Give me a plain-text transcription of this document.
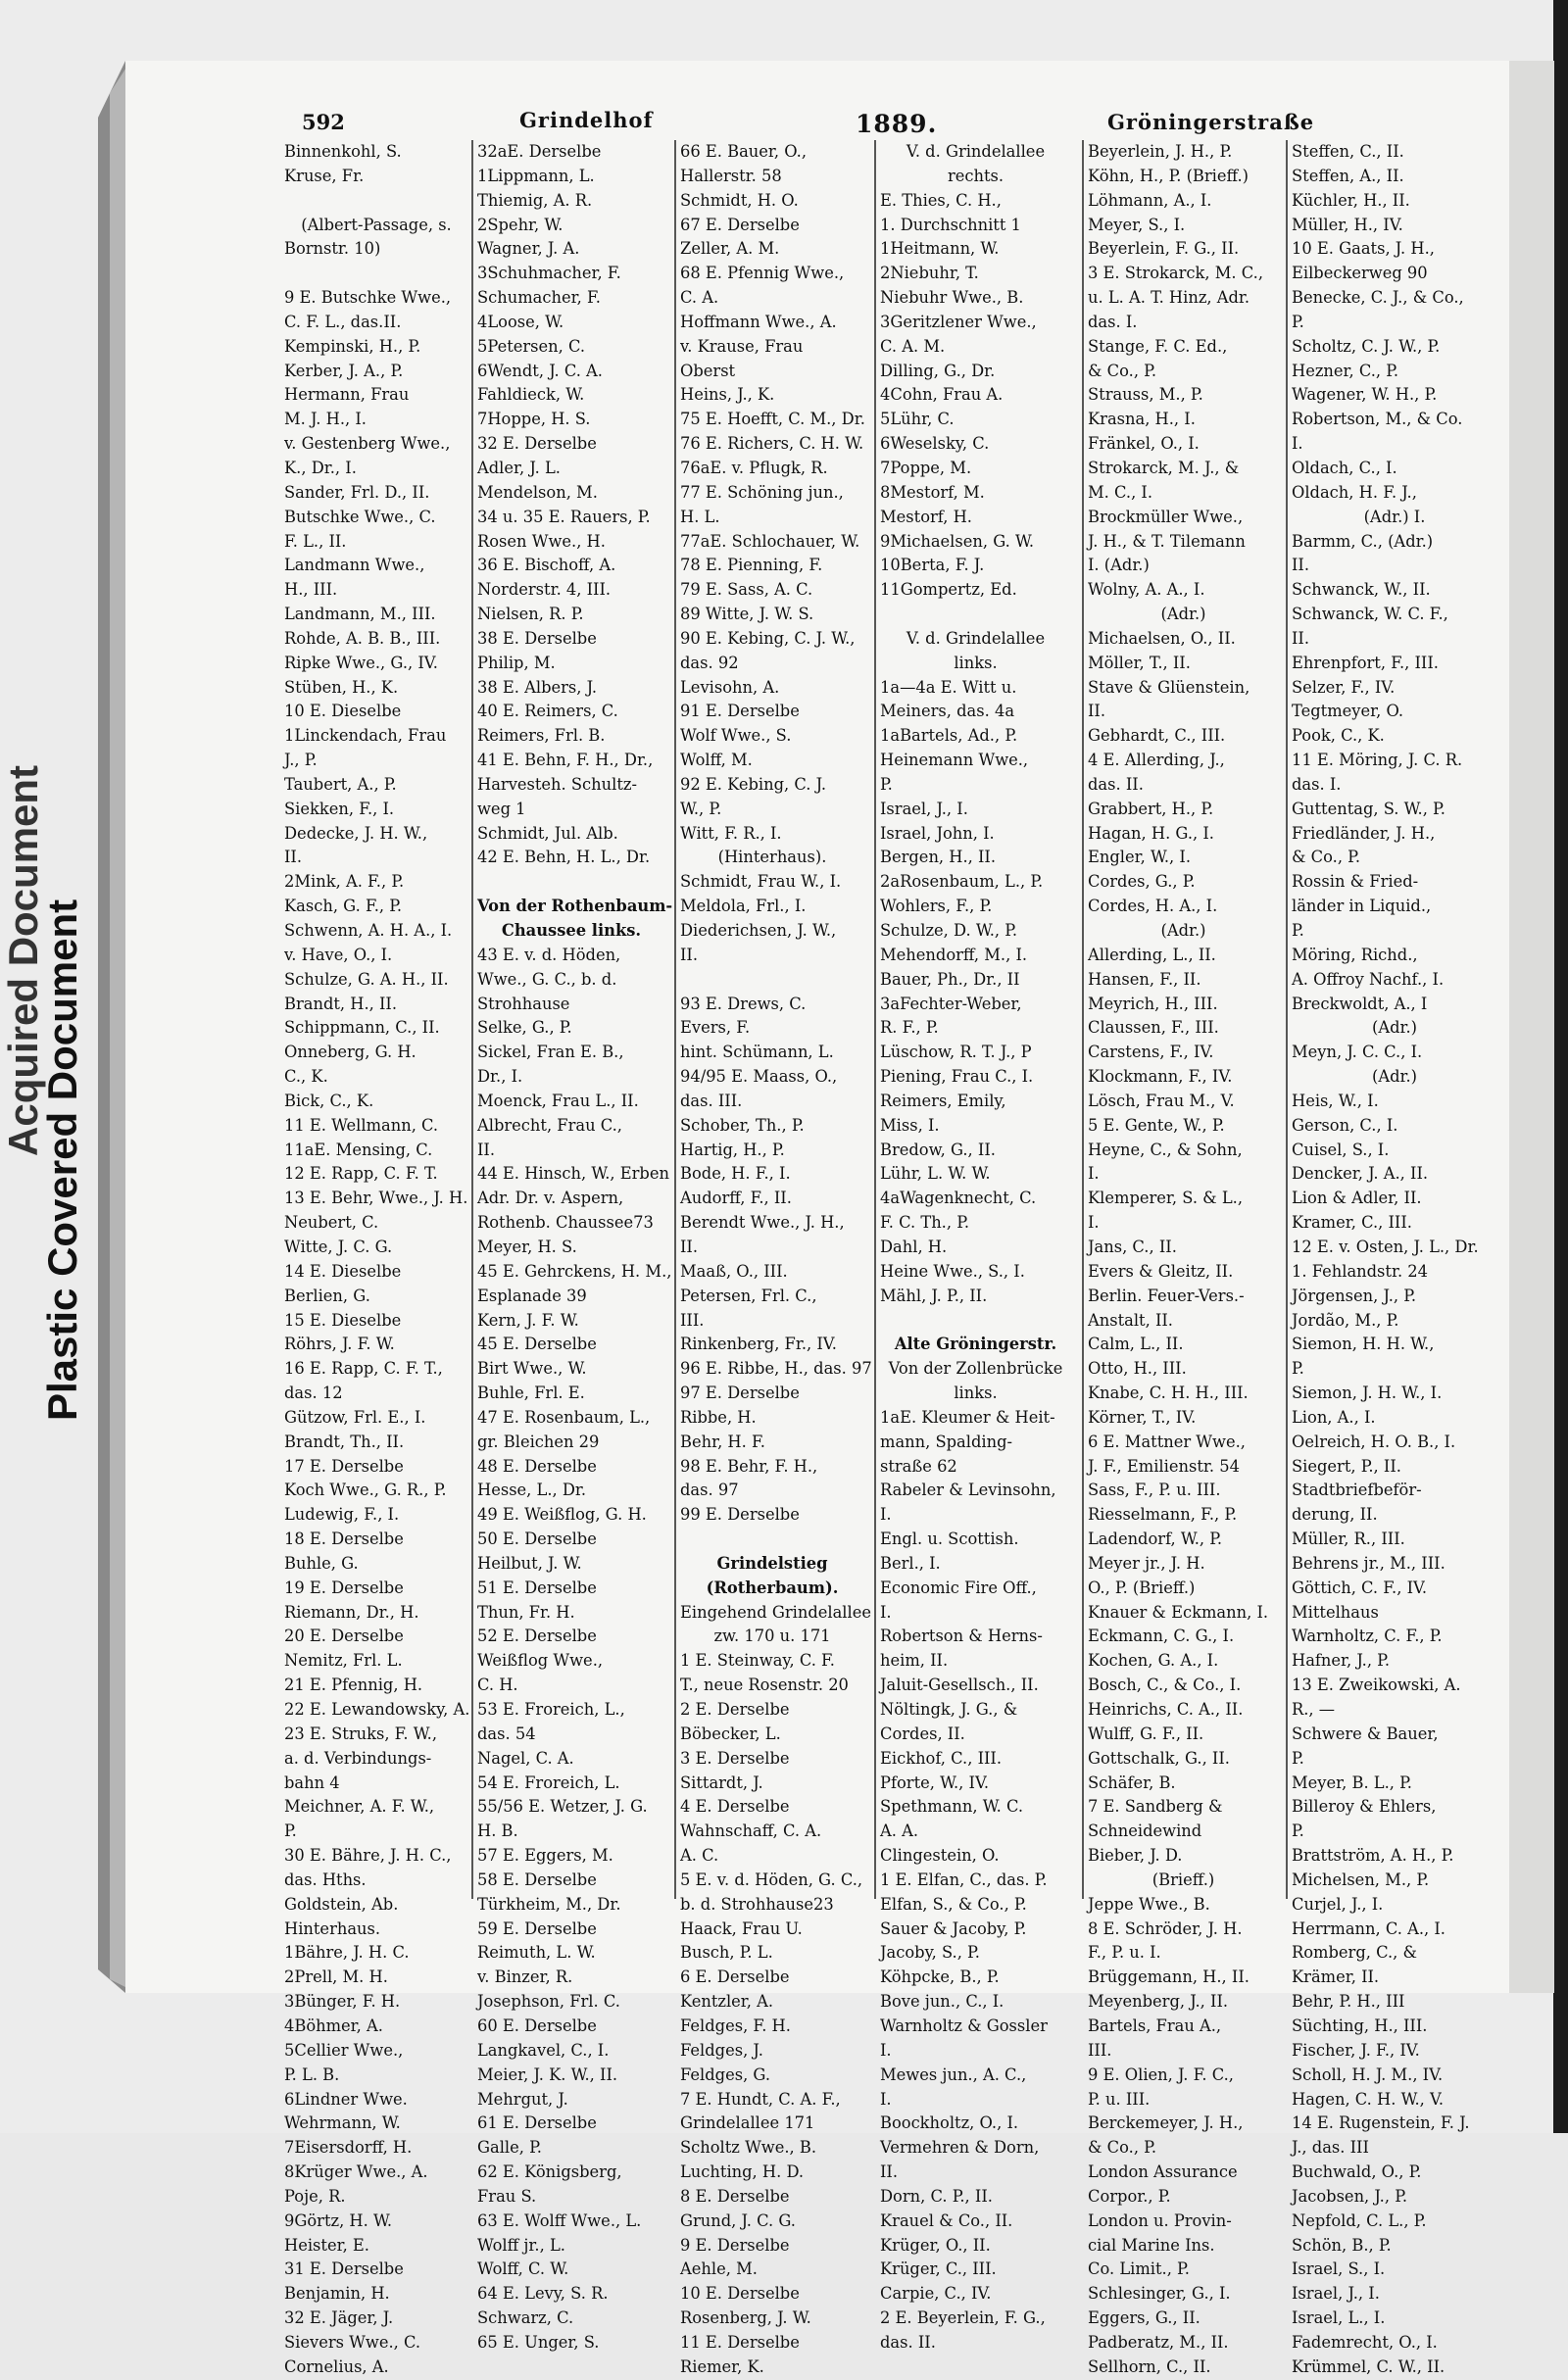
Acquired Document
Plastic Covered Document
592	Grindelhof	1889.	Gröningerstraße

Binnenkohl, S.

Kruse, Fr.

(Albert-Passage, s.

Bornstr. 10)

9 E. Butschke Wwe.,

C. F. L., das.II.

Kempinski, H., P.

Kerber, J. A., P.

Hermann, Frau

M. J. H., I.

v. Gestenberg Wwe.,

K., Dr., I.

Sander, Frl. D., II.

Butschke Wwe., C.

F. L., II.

Landmann Wwe.,

H., III.

Landmann, M., III.

Rohde, A. B. B., III.

Ripke Wwe., G., IV.

Stüben, H., K.

10 E. Dieselbe

1Linckendach, Frau

J., P.

Taubert, A., P.

Siekken, F., I.

Dedecke, J. H. W.,

II.

2Mink, A. F., P.

Kasch, G. F., P.

Schwenn, A. H. A., I.

v. Have, O., I.

Schulze, G. A. H., II.

Brandt, H., II.

Schippmann, C., II.

Onneberg, G. H.

C., K.

Bick, C., K.

11 E. Wellmann, C.

11aE. Mensing, C.

12 E. Rapp, C. F. T.

13 E. Behr, Wwe., J. H.

Neubert, C.

Witte, J. C. G.

14 E. Dieselbe

Berlien, G.

15 E. Dieselbe

Röhrs, J. F. W.

16 E. Rapp, C. F. T.,

das. 12

Gützow, Frl. E., I.

Brandt, Th., II.

17 E. Derselbe

Koch Wwe., G. R., P.

Ludewig, F., I.

18 E. Derselbe

Buhle, G.

19 E. Derselbe

Riemann, Dr., H.

20 E. Derselbe

Nemitz, Frl. L.

21 E. Pfennig, H.

22 E. Lewandowsky, A.

23 E. Struks, F. W.,

a. d. Verbindungs-

bahn 4

Meichner, A. F. W.,

P.

30 E. Bähre, J. H. C.,

das. Hths.

Goldstein, Ab.

Hinterhaus.

1Bähre, J. H. C.

2Prell, M. H.

3Bünger, F. H.

4Böhmer, A.

5Cellier Wwe.,

P. L. B.

6Lindner Wwe.

Wehrmann, W.

7Eisersdorff, H.

8Krüger Wwe., A.

Poje, R.

9Görtz, H. W.

Heister, E.

31 E. Derselbe

Benjamin, H.

32 E. Jäger, J.

Sievers Wwe., C.

Cornelius, A.

32aE. Derselbe

1Lippmann, L.

Thiemig, A. R.

2Spehr, W.

Wagner, J. A.

3Schuhmacher, F.

Schumacher, F.

4Loose, W.

5Petersen, C.

6Wendt, J. C. A.

Fahldieck, W.

7Hoppe, H. S.

32 E. Derselbe

Adler, J. L.

Mendelson, M.

34 u. 35 E. Rauers, P.

Rosen Wwe., H.

36 E. Bischoff, A.

Norderstr. 4, III.

Nielsen, R. P.

38 E. Derselbe

Philip, M.

38 E. Albers, J.

40 E. Reimers, C.

Reimers, Frl. B.

41 E. Behn, F. H., Dr.,

Harvesteh. Schultz-

weg 1

Schmidt, Jul. Alb.

42 E. Behn, H. L., Dr.

Von der Rothenbaum-

Chaussee links.

43 E. v. d. Höden,

Wwe., G. C., b. d.

Strohhause

Selke, G., P.

Sickel, Fran E. B.,

Dr., I.

Moenck, Frau L., II.

Albrecht, Frau C.,

II.

44 E. Hinsch, W., Erben

Adr. Dr. v. Aspern,

Rothenb. Chaussee73

Meyer, H. S.

45 E. Gehrckens, H. M.,

Esplanade 39

Kern, J. F. W.

45 E. Derselbe

Birt Wwe., W.

Buhle, Frl. E.

47 E. Rosenbaum, L.,

gr. Bleichen 29

48 E. Derselbe

Hesse, L., Dr.

49 E. Weißflog, G. H.

50 E. Derselbe

Heilbut, J. W.

51 E. Derselbe

Thun, Fr. H.

52 E. Derselbe

Weißflog Wwe.,

C. H.

53 E. Froreich, L.,

das. 54

Nagel, C. A.

54 E. Froreich, L.

55/56 E. Wetzer, J. G.

H. B.

57 E. Eggers, M.

58 E. Derselbe

Türkheim, M., Dr.

59 E. Derselbe

Reimuth, L. W.

v. Binzer, R.

Josephson, Frl. C.

60 E. Derselbe

Langkavel, C., I.

Meier, J. K. W., II.

Mehrgut, J.

61 E. Derselbe

Galle, P.

62 E. Königsberg,

Frau S.

63 E. Wolff Wwe., L.

Wolff jr., L.

Wolff, C. W.

64 E. Levy, S. R.

Schwarz, C.

65 E. Unger, S.

66 E. Bauer, O.,

Hallerstr. 58

Schmidt, H. O.

67 E. Derselbe

Zeller, A. M.

68 E. Pfennig Wwe.,

C. A.

Hoffmann Wwe., A.

v. Krause, Frau

Oberst

Heins, J., K.

75 E. Hoefft, C. M., Dr.

76 E. Richers, C. H. W.

76aE. v. Pflugk, R.

77 E. Schöning jun.,

H. L.

77aE. Schlochauer, W.

78 E. Pienning, F.

79 E. Sass, A. C.

89 Witte, J. W. S.

90 E. Kebing, C. J. W.,

das. 92

Levisohn, A.

91 E. Derselbe

Wolf Wwe., S.

Wolff, M.

92 E. Kebing, C. J.

W., P.

Witt, F. R., I.

(Hinterhaus).

Schmidt, Frau W., I.

Meldola, Frl., I.

Diederichsen, J. W.,

II.

93 E. Drews, C.

Evers, F.

hint. Schümann, L.

94/95 E. Maass, O.,

das. III.

Schober, Th., P.

Hartig, H., P.

Bode, H. F., I.

Audorff, F., II.

Berendt Wwe., J. H.,

II.

Maaß, O., III.

Petersen, Frl. C.,

III.

Rinkenberg, Fr., IV.

96 E. Ribbe, H., das. 97

97 E. Derselbe

Ribbe, H.

Behr, H. F.

98 E. Behr, F. H.,

das. 97

99 E. Derselbe

Grindelstieg

(Rotherbaum).

Eingehend Grindelallee

zw. 170 u. 171

1 E. Steinway, C. F.

T., neue Rosenstr. 20

2 E. Derselbe

Böbecker, L.

3 E. Derselbe

Sittardt, J.

4 E. Derselbe

Wahnschaff, C. A.

A. C.

5 E. v. d. Höden, G. C.,

b. d. Strohhause23

Haack, Frau U.

Busch, P. L.

6 E. Derselbe

Kentzler, A.

Feldges, F. H.

Feldges, J.

Feldges, G.

7 E. Hundt, C. A. F.,

Grindelallee 171

Scholtz Wwe., B.

Luchting, H. D.

8 E. Derselbe

Grund, J. C. G.

9 E. Derselbe

Aehle, M.

10 E. Derselbe

Rosenberg, J. W.

11 E. Derselbe

Riemer, K.

V. d. Grindelallee

rechts.

E. Thies, C. H.,

1. Durchschnitt 1

1Heitmann, W.

2Niebuhr, T.

Niebuhr Wwe., B.

3Geritzlener Wwe.,

C. A. M.

Dilling, G., Dr.

4Cohn, Frau A.

5Lühr, C.

6Weselsky, C.

7Poppe, M.

8Mestorf, M.

Mestorf, H.

9Michaelsen, G. W.

10Berta, F. J.

11Gompertz, Ed.

V. d. Grindelallee

links.

1a—4a E. Witt u.

Meiners, das. 4a

1aBartels, Ad., P.

Heinemann Wwe.,

P.

Israel, J., I.

Israel, John, I.

Bergen, H., II.

2aRosenbaum, L., P.

Wohlers, F., P.

Schulze, D. W., P.

Mehendorff, M., I.

Bauer, Ph., Dr., II

3aFechter-Weber,

R. F., P.

Lüschow, R. T. J., P

Piening, Frau C., I.

Reimers, Emily,

Miss, I.

Bredow, G., II.

Lühr, L. W. W.

4aWagenknecht, C.

F. C. Th., P.

Dahl, H.

Heine Wwe., S., I.

Mähl, J. P., II.

Alte Gröningerstr.

Von der Zollenbrücke

links.

1aE. Kleumer & Heit-

mann, Spalding-

straße 62

Rabeler & Levinsohn,

I.

Engl. u. Scottish.

Berl., I.

Economic Fire Off.,

I.

Robertson & Herns-

heim, II.

Jaluit-Gesellsch., II.

Nöltingk, J. G., &

Cordes, II.

Eickhof, C., III.

Pforte, W., IV.

Spethmann, W. C.

A. A.

Clingestein, O.

1 E. Elfan, C., das. P.

Elfan, S., & Co., P.

Sauer & Jacoby, P.

Jacoby, S., P.

Köhpcke, B., P.

Bove jun., C., I.

Warnholtz & Gossler

I.

Mewes jun., A. C.,

I.

Boockholtz, O., I.

Vermehren & Dorn,

II.

Dorn, C. P., II.

Krauel & Co., II.

Krüger, O., II.

Krüger, C., III.

Carpie, C., IV.

2 E. Beyerlein, F. G.,

das. II.

Beyerlein, J. H., P.

Köhn, H., P. (Brieff.)

Löhmann, A., I.

Meyer, S., I.

Beyerlein, F. G., II.

3 E. Strokarck, M. C.,

u. L. A. T. Hinz, Adr.

das. I.

Stange, F. C. Ed.,

& Co., P.

Strauss, M., P.

Krasna, H., I.

Fränkel, O., I.

Strokarck, M. J., &

M. C., I.

Brockmüller Wwe.,

J. H., & T. Tilemann

I. (Adr.)

Wolny, A. A., I.

(Adr.)

Michaelsen, O., II.

Möller, T., II.

Stave & Glüenstein,

II.

Gebhardt, C., III.

4 E. Allerding, J.,

das. II.

Grabbert, H., P.

Hagan, H. G., I.

Engler, W., I.

Cordes, G., P.

Cordes, H. A., I.

(Adr.)

Allerding, L., II.

Hansen, F., II.

Meyrich, H., III.

Claussen, F., III.

Carstens, F., IV.

Klockmann, F., IV.

Lösch, Frau M., V.

5 E. Gente, W., P.

Heyne, C., & Sohn,

I.

Klemperer, S. & L.,

I.

Jans, C., II.

Evers & Gleitz, II.

Berlin. Feuer-Vers.-

Anstalt, II.

Calm, L., II.

Otto, H., III.

Knabe, C. H. H., III.

Körner, T., IV.

6 E. Mattner Wwe.,

J. F., Emilienstr. 54

Sass, F., P. u. III.

Riesselmann, F., P.

Ladendorf, W., P.

Meyer jr., J. H.

O., P. (Brieff.)

Knauer & Eckmann, I.

Eckmann, C. G., I.

Kochen, G. A., I.

Bosch, C., & Co., I.

Heinrichs, C. A., II.

Wulff, G. F., II.

Gottschalk, G., II.

Schäfer, B.

7 E. Sandberg &

Schneidewind

Bieber, J. D.

(Brieff.)

Jeppe Wwe., B.

8 E. Schröder, J. H.

F., P. u. I.

Brüggemann, H., II.

Meyenberg, J., II.

Bartels, Frau A.,

III.

9 E. Olien, J. F. C.,

P. u. III.

Berckemeyer, J. H.,

& Co., P.

London Assurance

Corpor., P.

London u. Provin-

cial Marine Ins.

Co. Limit., P.

Schlesinger, G., I.

Eggers, G., II.

Padberatz, M., II.

Sellhorn, C., II.

Steffen, C., II.

Steffen, A., II.

Küchler, H., II.

Müller, H., IV.

10 E. Gaats, J. H.,

Eilbeckerweg 90

Benecke, C. J., & Co.,

P.

Scholtz, C. J. W., P.

Hezner, C., P.

Wagener, W. H., P.

Robertson, M., & Co.

I.

Oldach, C., I.

Oldach, H. F. J.,

(Adr.) I.

Barmm, C., (Adr.)

II.

Schwanck, W., II.

Schwanck, W. C. F.,

II.

Ehrenpfort, F., III.

Selzer, F., IV.

Tegtmeyer, O.

Pook, C., K.

11 E. Möring, J. C. R.

das. I.

Guttentag, S. W., P.

Friedländer, J. H.,

& Co., P.

Rossin & Fried-

länder in Liquid.,

P.

Möring, Richd.,

A. Offroy Nachf., I.

Breckwoldt, A., I

(Adr.)

Meyn, J. C. C., I.

(Adr.)

Heis, W., I.

Gerson, C., I.

Cuisel, S., I.

Dencker, J. A., II.

Lion & Adler, II.

Kramer, C., III.

12 E. v. Osten, J. L., Dr.

1. Fehlandstr. 24

Jörgensen, J., P.

Jordão, M., P.

Siemon, H. H. W.,

P.

Siemon, J. H. W., I.

Lion, A., I.

Oelreich, H. O. B., I.

Siegert, P., II.

Stadtbriefbeför-

derung, II.

Müller, R., III.

Behrens jr., M., III.

Göttich, C. F., IV.

Mittelhaus

Warnholtz, C. F., P.

Hafner, J., P.

13 E. Zweikowski, A.

R., —

Schwere & Bauer,

P.

Meyer, B. L., P.

Billeroy & Ehlers,

P.

Brattström, A. H., P.

Michelsen, M., P.

Curjel, J., I.

Herrmann, C. A., I.

Romberg, C., &

Krämer, II.

Behr, P. H., III

Süchting, H., III.

Fischer, J. F., IV.

Scholl, H. J. M., IV.

Hagen, C. H. W., V.

14 E. Rugenstein, F. J.

J., das. III

Buchwald, O., P.

Jacobsen, J., P.

Nepfold, C. L., P.

Schön, B., P.

Israel, S., I.

Israel, J., I.

Israel, L., I.

Fademrecht, O., I.

Krümmel, C. W., II.
